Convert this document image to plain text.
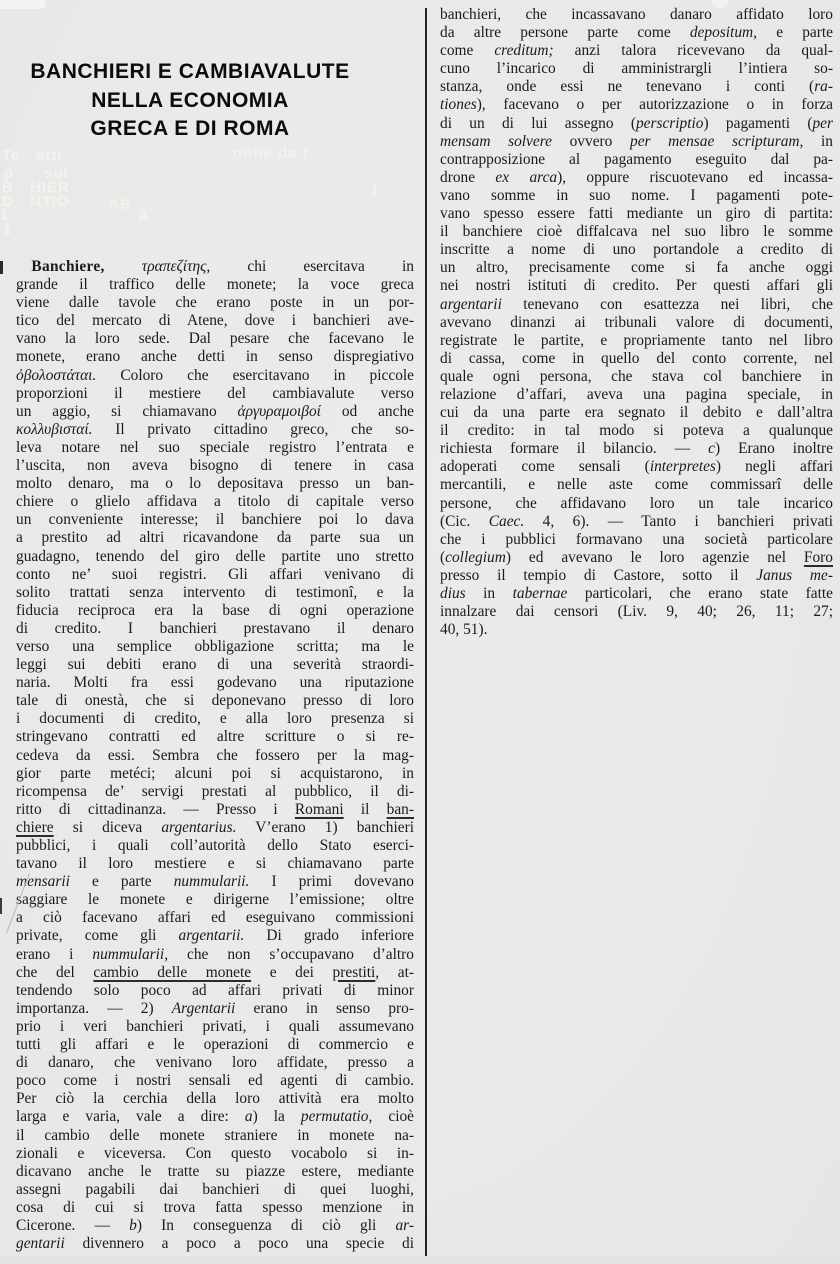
Te atti	onne da f
p sul
B HIER	)
D NTIO	AS
L	A
1
BANCHIERI E CAMBIAVALUTE
NELLA ECONOMIA
GRECA E DI ROMA
 Banchiere, τραπεζίτης, chi esercitava in
grande il traffico delle monete; la voce greca
viene dalle tavole che erano poste in un por-
tico del mercato di Atene, dove i banchieri ave-
vano la loro sede. Dal pesare che facevano le
monete, erano anche detti in senso dispregiativo
ὀβολοστάται. Coloro che esercitavano in piccole
proporzioni il mestiere del cambiavalute verso
un aggio, si chiamavano ἀργυραμοιβοί od anche
κολλυβισταί. Il privato cittadino greco, che so-
leva notare nel suo speciale registro l’entrata e
l’uscita, non aveva bisogno di tenere in casa
molto denaro, ma o lo depositava presso un ban-
chiere o glielo affidava a titolo di capitale verso
un conveniente interesse; il banchiere poi lo dava
a prestito ad altri ricavandone da parte sua un
guadagno, tenendo del giro delle partite uno stretto
conto ne’ suoi registri. Gli affari venivano di
solito trattati senza intervento di testimonî, e la
fiducia reciproca era la base di ogni operazione
di credito. I banchieri prestavano il denaro
verso una semplice obbligazione scritta; ma le
leggi sui debiti erano di una severità straordi-
naria. Molti fra essi godevano una riputazione
tale di onestà, che si deponevano presso di loro
i documenti di credito, e alla loro presenza si
stringevano contratti ed altre scritture o si re-
cedeva da essi. Sembra che fossero per la mag-
gior parte metéci; alcuni poi si acquistarono, in
ricompensa de’ servigi prestati al pubblico, il di-
ritto di cittadinanza. — Presso i Romani il ban-
chiere si diceva argentarius. V’erano 1) banchieri
pubblici, i quali coll’autorità dello Stato eserci-
tavano il loro mestiere e si chiamavano parte
mensarii e parte nummularii. I primi dovevano
saggiare le monete e dirigerne l’emissione; oltre
a ciò facevano affari ed eseguivano commissioni
private, come gli argentarii. Di grado inferiore
erano i nummularii, che non s’occupavano d’altro
che del cambio delle monete e dei prestiti, at-
tendendo solo poco ad affari privati di minor
importanza. — 2) Argentarii erano in senso pro-
prio i veri banchieri privati, i quali assumevano
tutti gli affari e le operazioni di commercio e
di danaro, che venivano loro affidate, presso a
poco come i nostri sensali ed agenti di cambio.
Per ciò la cerchia della loro attività era molto
larga e varia, vale a dire: a) la permutatio, cioè
il cambio delle monete straniere in monete na-
zionali e viceversa. Con questo vocabolo si in-
dicavano anche le tratte su piazze estere, mediante
assegni pagabili dai banchieri di quei luoghi,
cosa di cui si trova fatta spesso menzione in
Cicerone. — b) In conseguenza di ciò gli ar-
gentarii divennero a poco a poco una specie di
banchieri, che incassavano danaro affidato loro
da altre persone parte come depositum, e parte
come creditum; anzi talora ricevevano da qual-
cuno l’incarico di amministrargli l’intiera so-
stanza, onde essi ne tenevano i conti (ra-
tiones), facevano o per autorizzazione o in forza
di un di lui assegno (perscriptio) pagamenti (per
mensam solvere ovvero per mensae scripturam, in
contrapposizione al pagamento eseguito dal pa-
drone ex arca), oppure riscuotevano ed incassa-
vano somme in suo nome. I pagamenti pote-
vano spesso essere fatti mediante un giro di partita:
il banchiere cioè diffalcava nel suo libro le somme
inscritte a nome di uno portandole a credito di
un altro, precisamente come si fa anche oggi
nei nostri istituti di credito. Per questi affari gli
argentarii tenevano con esattezza nei libri, che
avevano dinanzi ai tribunali valore di documenti,
registrate le partite, e propriamente tanto nel libro
di cassa, come in quello del conto corrente, nel
quale ogni persona, che stava col banchiere in
relazione d’affari, aveva una pagina speciale, in
cui da una parte era segnato il debito e dall’altra
il credito: in tal modo si poteva a qualunque
richiesta formare il bilancio. — c) Erano inoltre
adoperati come sensali (interpretes) negli affari
mercantili, e nelle aste come commissarî delle
persone, che affidavano loro un tale incarico
(Cic. Caec. 4, 6). — Tanto i banchieri privati
che i pubblici formavano una società particolare
(collegium) ed avevano le loro agenzie nel Foro
presso il tempio di Castore, sotto il Janus me-
dius in tabernae particolari, che erano state fatte
innalzare dai censori (Liv. 9, 40; 26, 11; 27;
40, 51).
